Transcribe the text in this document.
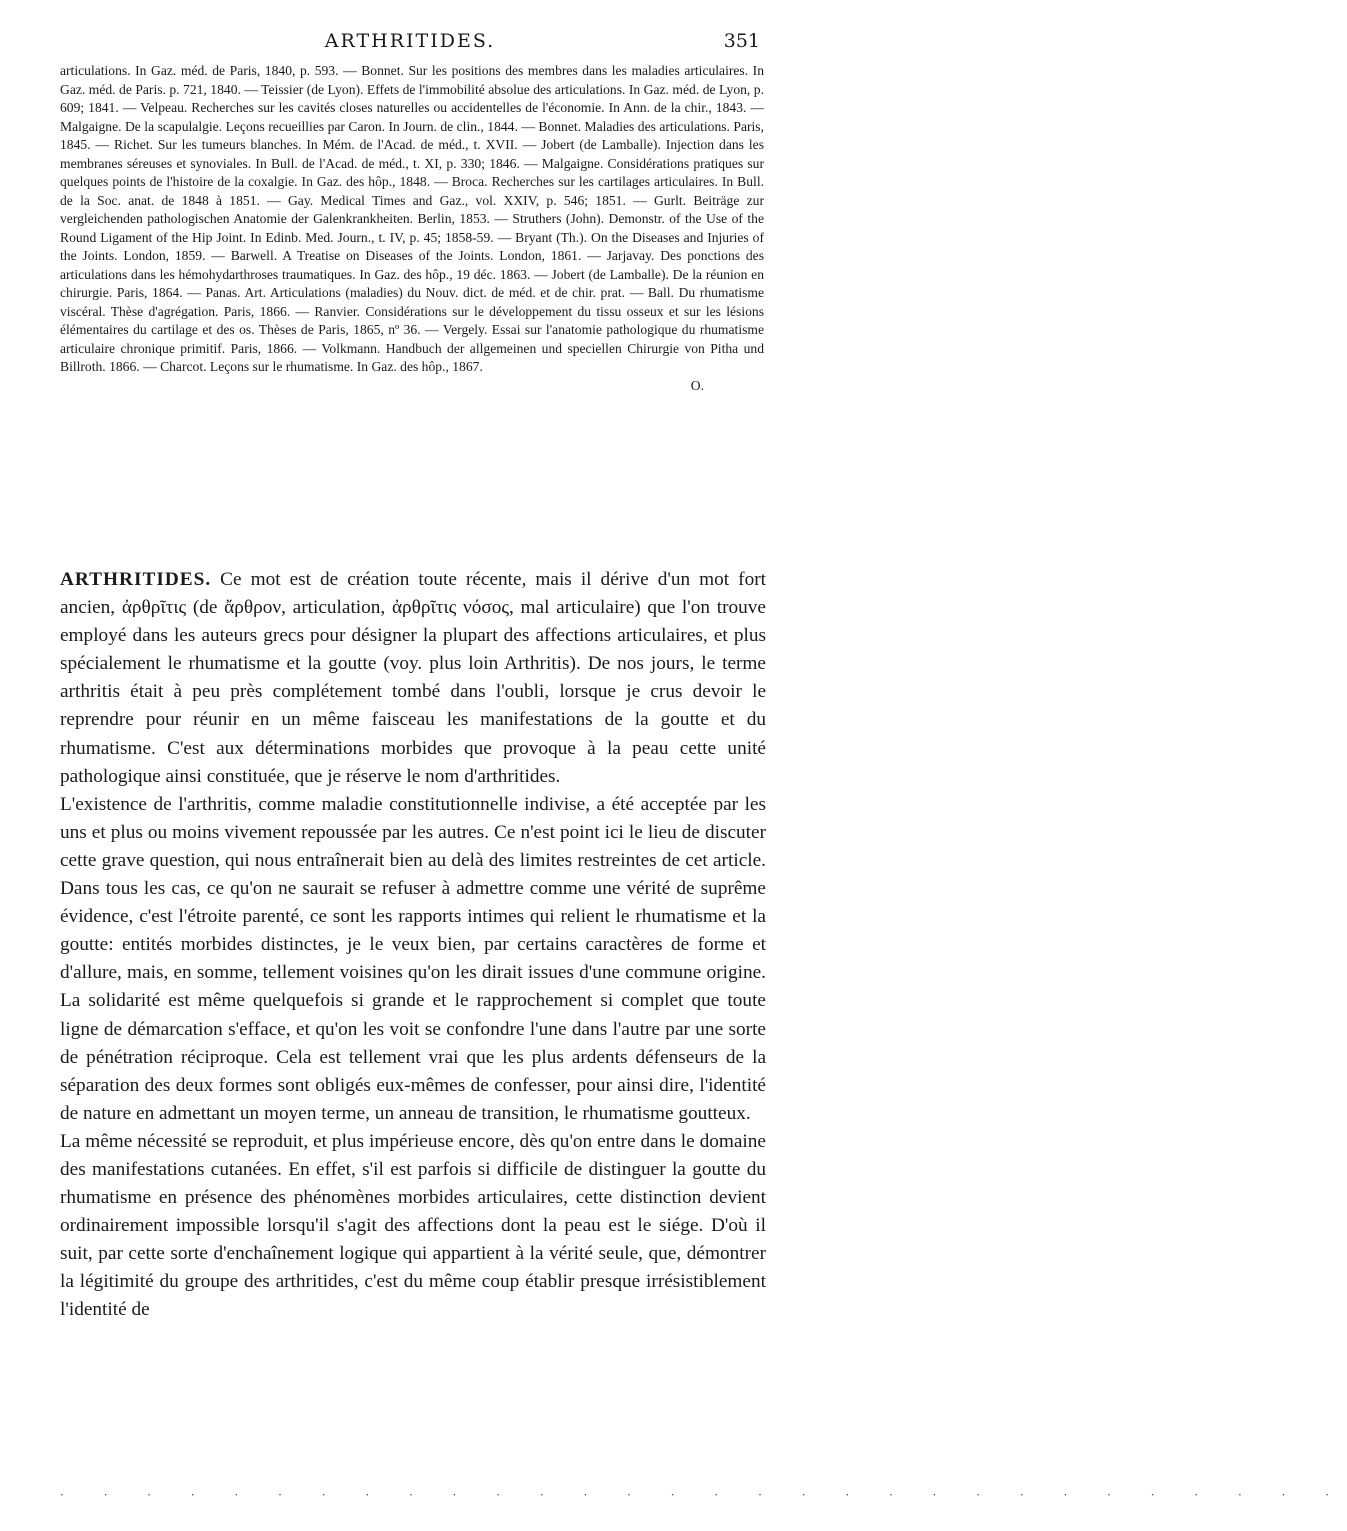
ARTHRITIDES.	351

articulations. In Gaz. méd. de Paris, 1840, p. 593. — Bonnet. Sur les positions des membres dans les maladies articulaires. In Gaz. méd. de Paris. p. 721, 1840. — Teissier (de Lyon). Effets de l'immobilité absolue des articulations. In Gaz. méd. de Lyon, p. 609; 1841. — Velpeau. Recherches sur les cavités closes naturelles ou accidentelles de l'économie. In Ann. de la chir., 1843. — Malgaigne. De la scapulalgie. Leçons recueillies par Caron. In Journ. de clin., 1844. — Bonnet. Maladies des articulations. Paris, 1845. — Richet. Sur les tumeurs blanches. In Mém. de l'Acad. de méd., t. XVII. — Jobert (de Lamballe). Injection dans les membranes séreuses et synoviales. In Bull. de l'Acad. de méd., t. XI, p. 330; 1846. — Malgaigne. Considérations pratiques sur quelques points de l'histoire de la coxalgie. In Gaz. des hôp., 1848. — Broca. Recherches sur les cartilages articulaires. In Bull. de la Soc. anat. de 1848 à 1851. — Gay. Medical Times and Gaz., vol. XXIV, p. 546; 1851. — Gurlt. Beiträge zur vergleichenden pathologischen Anatomie der Galenkrankheiten. Berlin, 1853. — Struthers (John). Demonstr. of the Use of the Round Ligament of the Hip Joint. In Edinb. Med. Journ., t. IV, p. 45; 1858-59. — Bryant (Th.). On the Diseases and Injuries of the Joints. London, 1859. — Barwell. A Treatise on Diseases of the Joints. London, 1861. — Jarjavay. Des ponctions des articulations dans les hémohydarthroses traumatiques. In Gaz. des hôp., 19 déc. 1863. — Jobert (de Lamballe). De la réunion en chirurgie. Paris, 1864. — Panas. Art. Articulations (maladies) du Nouv. dict. de méd. et de chir. prat. — Ball. Du rhumatisme viscéral. Thèse d'agrégation. Paris, 1866. — Ranvier. Considérations sur le développement du tissu osseux et sur les lésions élémentaires du cartilage et des os. Thèses de Paris, 1865, nº 36. — Vergely. Essai sur l'anatomie pathologique du rhumatisme articulaire chronique primitif. Paris, 1866. — Volkmann. Handbuch der allgemeinen und speciellen Chirurgie von Pitha und Billroth. 1866. — Charcot. Leçons sur le rhumatisme. In Gaz. des hôp., 1867.

O.

ARTHRITIDES. Ce mot est de création toute récente, mais il dérive d'un mot fort ancien, ἀρθρῖτις (de ἄρθρον, articulation, ἀρθρῖτις νόσος, mal articulaire) que l'on trouve employé dans les auteurs grecs pour désigner la plupart des affections articulaires, et plus spécialement le rhumatisme et la goutte (voy. plus loin Arthritis). De nos jours, le terme arthritis était à peu près complétement tombé dans l'oubli, lorsque je crus devoir le reprendre pour réunir en un même faisceau les manifestations de la goutte et du rhumatisme. C'est aux déterminations morbides que provoque à la peau cette unité pathologique ainsi constituée, que je réserve le nom d'arthritides.

L'existence de l'arthritis, comme maladie constitutionnelle indivise, a été acceptée par les uns et plus ou moins vivement repoussée par les autres. Ce n'est point ici le lieu de discuter cette grave question, qui nous entraînerait bien au delà des limites restreintes de cet article. Dans tous les cas, ce qu'on ne saurait se refuser à admettre comme une vérité de suprême évidence, c'est l'étroite parenté, ce sont les rapports intimes qui relient le rhumatisme et la goutte: entités morbides distinctes, je le veux bien, par certains caractères de forme et d'allure, mais, en somme, tellement voisines qu'on les dirait issues d'une commune origine. La solidarité est même quelquefois si grande et le rapprochement si complet que toute ligne de démarcation s'efface, et qu'on les voit se confondre l'une dans l'autre par une sorte de pénétration réciproque. Cela est tellement vrai que les plus ardents défenseurs de la séparation des deux formes sont obligés eux-mêmes de confesser, pour ainsi dire, l'identité de nature en admettant un moyen terme, un anneau de transition, le rhumatisme goutteux.

La même nécessité se reproduit, et plus impérieuse encore, dès qu'on entre dans le domaine des manifestations cutanées. En effet, s'il est parfois si difficile de distinguer la goutte du rhumatisme en présence des phénomènes morbides articulaires, cette distinction devient ordinairement impossible lorsqu'il s'agit des affections dont la peau est le siége. D'où il suit, par cette sorte d'enchaînement logique qui appartient à la vérité seule, que, démontrer la légitimité du groupe des arthritides, c'est du même coup établir presque irrésistiblement l'identité de

· · · · · · · · · · · · · · · · · · · · · · · · · · · · · ·
